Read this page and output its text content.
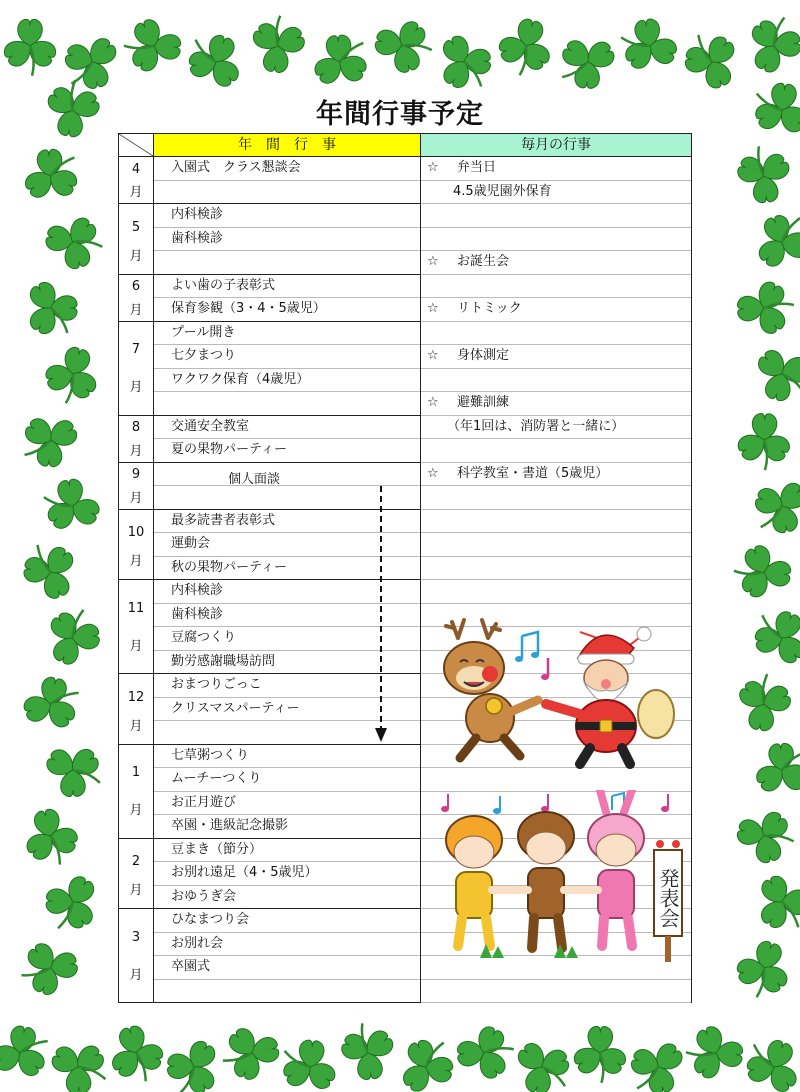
年間行事予定
年　間　行　事	毎月の行事
4
月
5
月
6
月
7
月
8
月
9
月
10
月
11
月
12
月
1
月
2
月
3
月
入園式　クラス懇談会
内科検診
歯科検診
よい歯の子表彰式
保育参観（3・4・5歳児）
プール開き
七夕まつり
ワクワク保育（4歳児）
交通安全教室
夏の果物パーティー
最多読書者表彰式
運動会
秋の果物パーティー
内科検診
歯科検診
豆腐つくり
勤労感謝職場訪問
おまつりごっこ
クリスマスパーティー
七草粥つくり
ムーチーつくり
お正月遊び
卒園・進級記念撮影
豆まき（節分）
お別れ遠足（4・5歳児）
おゆうぎ会
ひなまつり会
お別れ会
卒園式
☆ 弁当日
4.5歳児園外保育
☆ お誕生会
☆ リトミック
☆ 身体測定
☆ 避難訓練
（年1回は、消防署と一緒に）
☆ 科学教室・書道（5歳児）
個人面談
発表会
